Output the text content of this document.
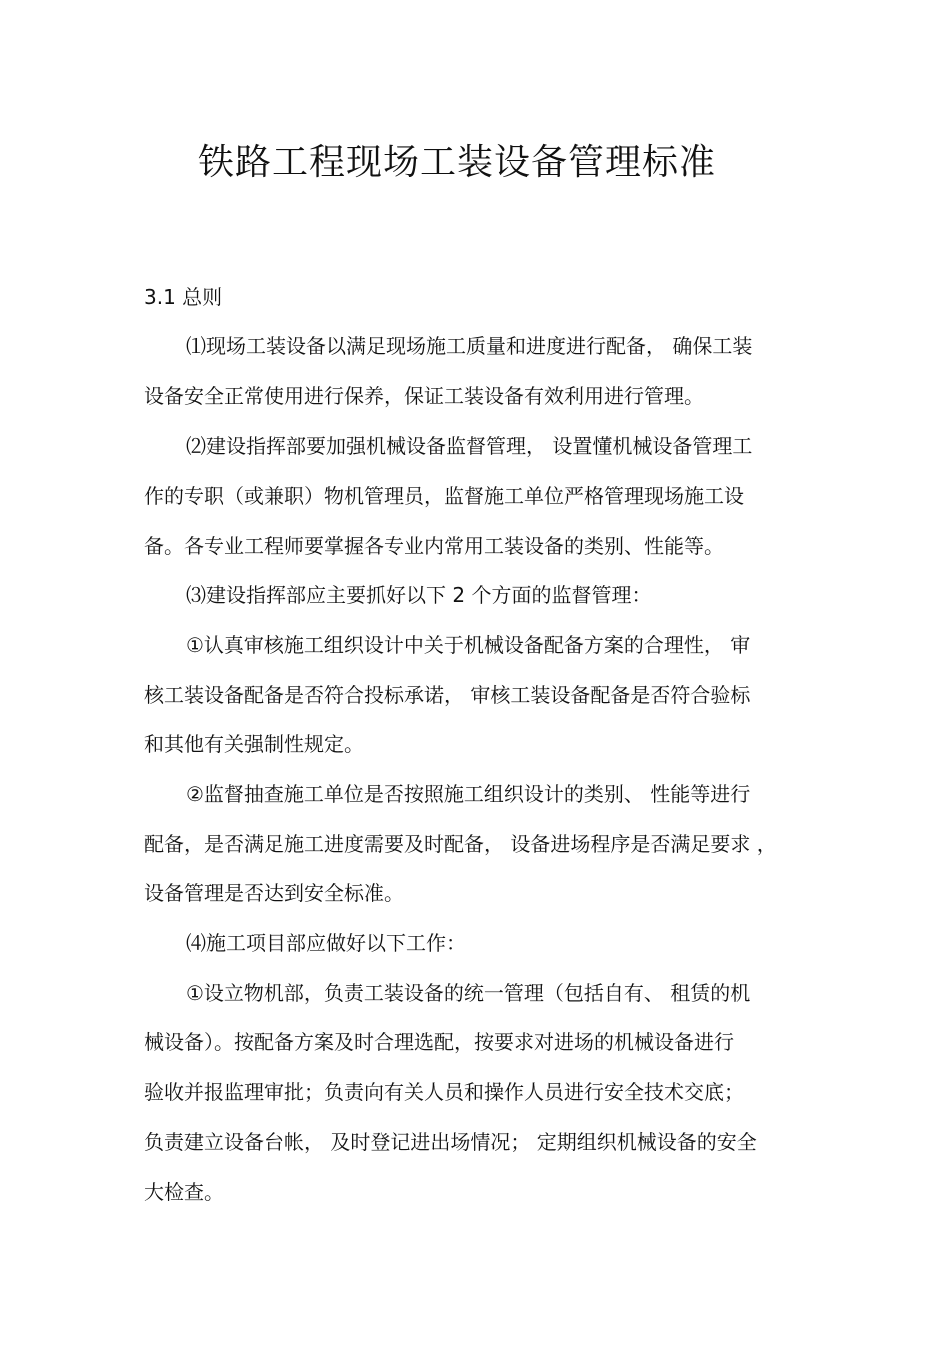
铁路工程现场工装设备管理标准
3.1 总则
⑴现场工装设备以满足现场施工质量和进度进行配备， 确保工装
设备安全正常使用进行保养，保证工装设备有效利用进行管理。
⑵建设指挥部要加强机械设备监督管理， 设置懂机械设备管理工
作的专职（或兼职）物机管理员，监督施工单位严格管理现场施工设
备。各专业工程师要掌握各专业内常用工装设备的类别、性能等。
⑶建设指挥部应主要抓好以下 2 个方面的监督管理：
①认真审核施工组织设计中关于机械设备配备方案的合理性， 审
核工装设备配备是否符合投标承诺， 审核工装设备配备是否符合验标
和其他有关强制性规定。
②监督抽查施工单位是否按照施工组织设计的类别、 性能等进行
配备，是否满足施工进度需要及时配备， 设备进场程序是否满足要求 ，
设备管理是否达到安全标准。
⑷施工项目部应做好以下工作：
①设立物机部，负责工装设备的统一管理（包括自有、 租赁的机
械设备）。按配备方案及时合理选配，按要求对进场的机械设备进行
验收并报监理审批；负责向有关人员和操作人员进行安全技术交底；
负责建立设备台帐， 及时登记进出场情况； 定期组织机械设备的安全
大检查。
